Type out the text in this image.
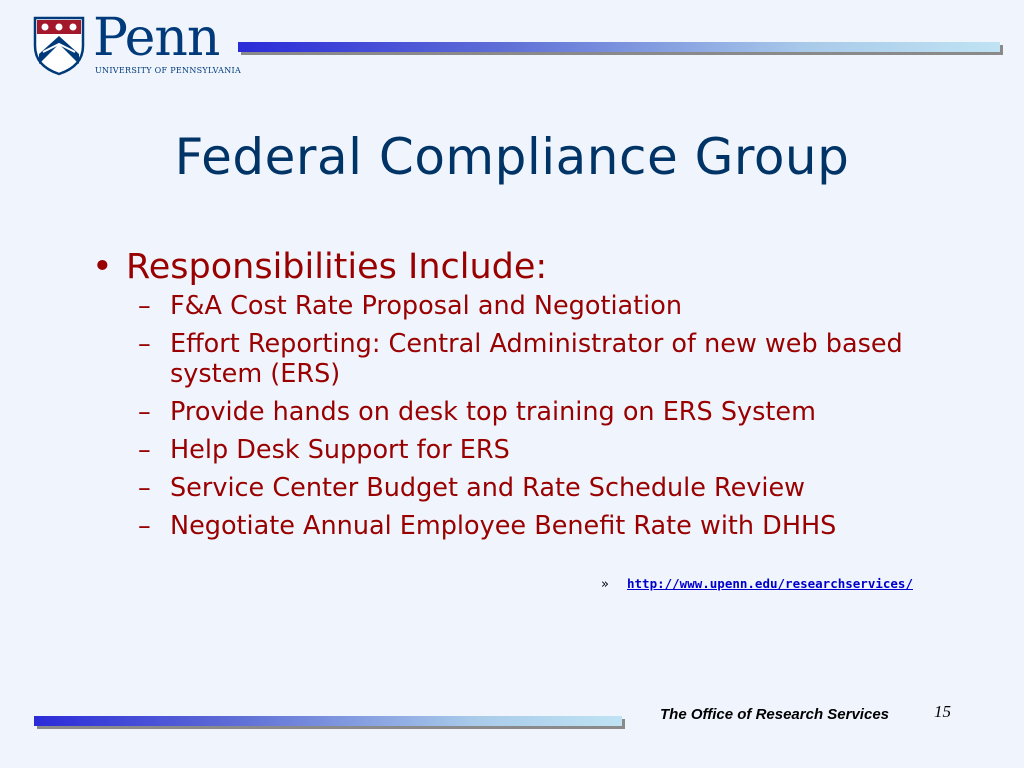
Penn
UNIVERSITY OF PENNSYLVANIA
Federal Compliance Group
• Responsibilities Include:
– F&A Cost Rate Proposal and Negotiation
– Effort Reporting: Central Administrator of new web based system (ERS)
– Provide hands on desk top training on ERS System
– Help Desk Support for ERS
– Service Center Budget and Rate Schedule Review
– Negotiate Annual Employee Benefit Rate with DHHS
» http://www.upenn.edu/researchservices/
The Office of Research Services	15
